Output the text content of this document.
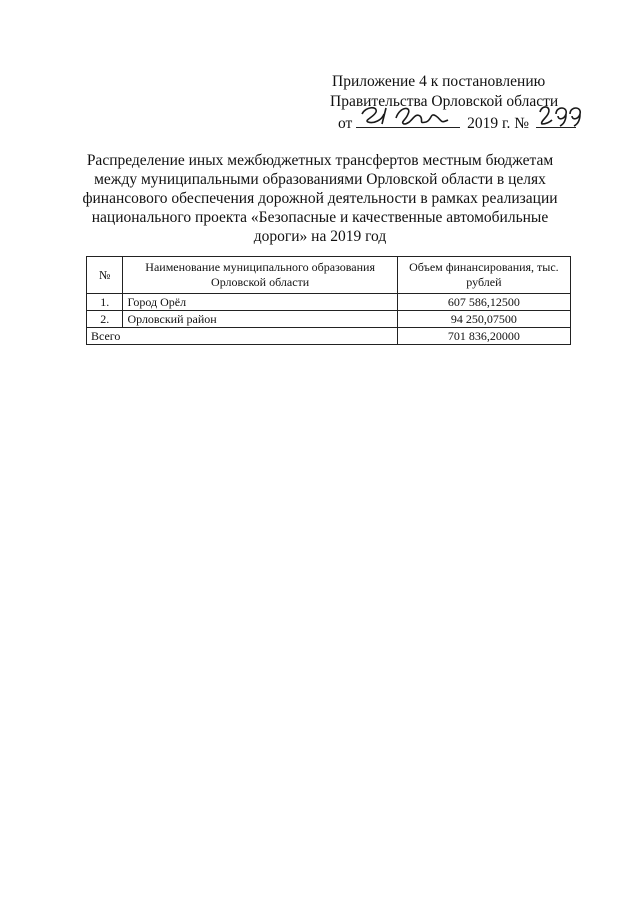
Приложение 4 к постановлению
Правительства Орловской области
от	2019 г. №
Распределение иных межбюджетных трансфертов местным бюджетам
между муниципальными образованиями Орловской области в целях
финансового обеспечения дорожной деятельности в рамках реализации
национального проекта «Безопасные и качественные автомобильные
дороги» на 2019 год
№	Наименование муниципального образования Орловской области	Объем финансирования, тыс. рублей
1.	Город Орёл	607 586,12500
2.	Орловский район	94 250,07500
Всего		701 836,20000
